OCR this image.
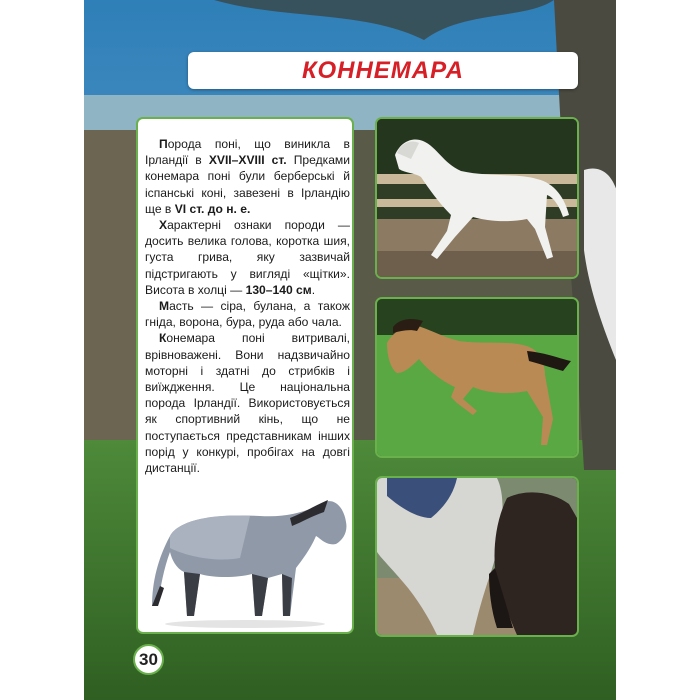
КОННЕМАРА

Порода поні, що виникла в Ірландії в XVII–XVIII ст. Предками конемара поні були берберські й іспанські коні, завезені в Ірландію ще в VI ст. до н. е.

Характерні ознаки породи — досить велика голова, коротка шия, густа грива, яку зазвичай підстригають у вигляді «щітки». Висота в холці — 130–140 см.

Масть — сіра, булана, а також гніда, ворона, бура, руда або чала.

Конемара поні витривалі, врівноважені. Вони надзвичайно моторні і здатні до стрибків і виїждження. Це національна порода Ірландії. Використовується як спортивний кінь, що не поступається представникам інших порід у конкурі, пробігах на довгі дистанції.

30
